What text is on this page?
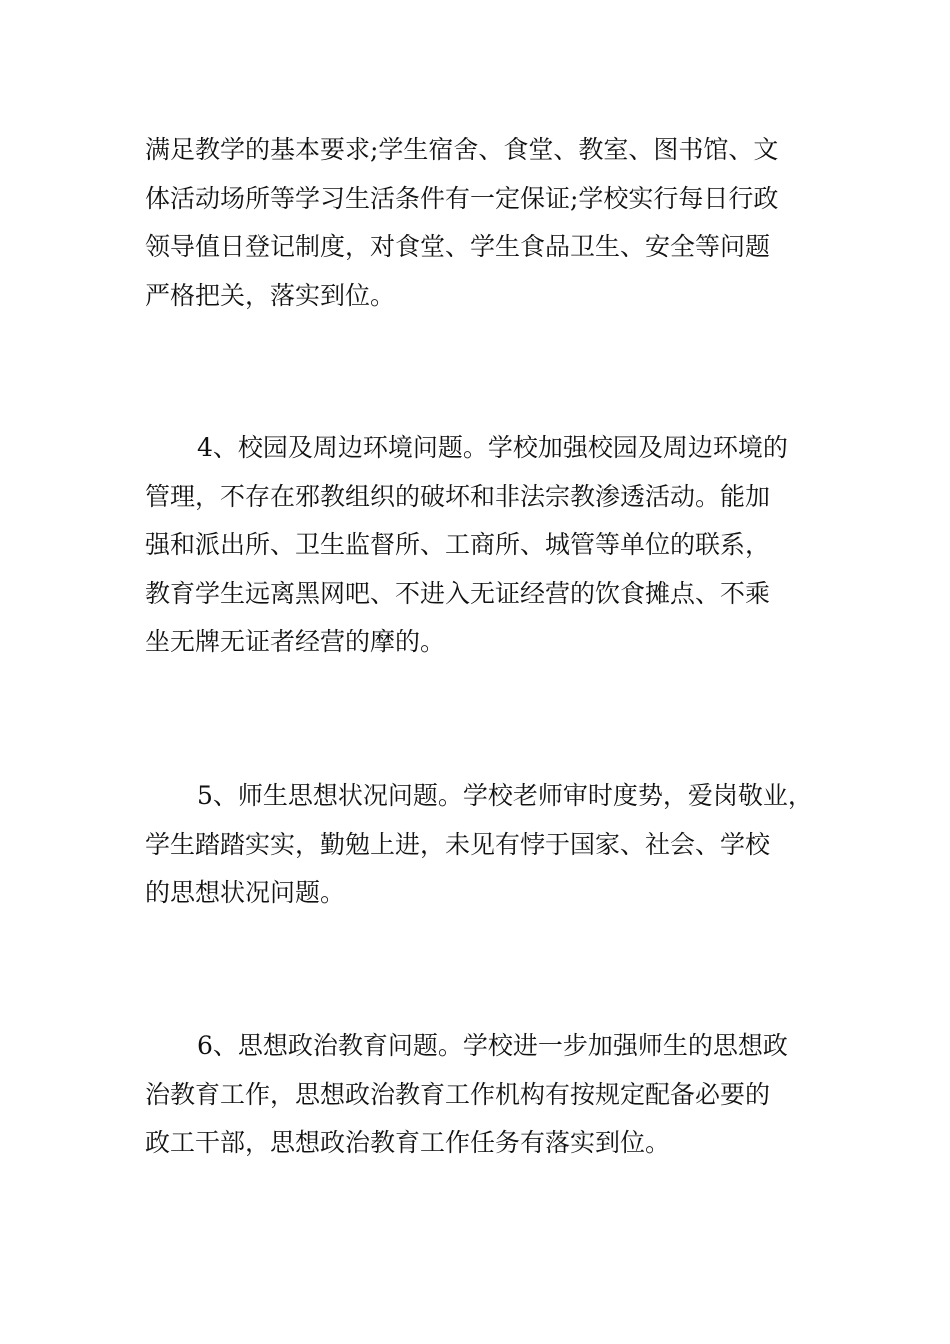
满足教学的基本要求;学生宿舍、食堂、教室、图书馆、文
体活动场所等学习生活条件有一定保证;学校实行每日行政
领导值日登记制度，对食堂、学生食品卫生、安全等问题
严格把关，落实到位。
4、校园及周边环境问题。学校加强校园及周边环境的
管理，不存在邪教组织的破坏和非法宗教渗透活动。能加
强和派出所、卫生监督所、工商所、城管等单位的联系，
教育学生远离黑网吧、不进入无证经营的饮食摊点、不乘
坐无牌无证者经营的摩的。
5、师生思想状况问题。学校老师审时度势，爱岗敬业，
学生踏踏实实，勤勉上进，未见有悖于国家、社会、学校
的思想状况问题。
6、思想政治教育问题。学校进一步加强师生的思想政
治教育工作，思想政治教育工作机构有按规定配备必要的
政工干部，思想政治教育工作任务有落实到位。
